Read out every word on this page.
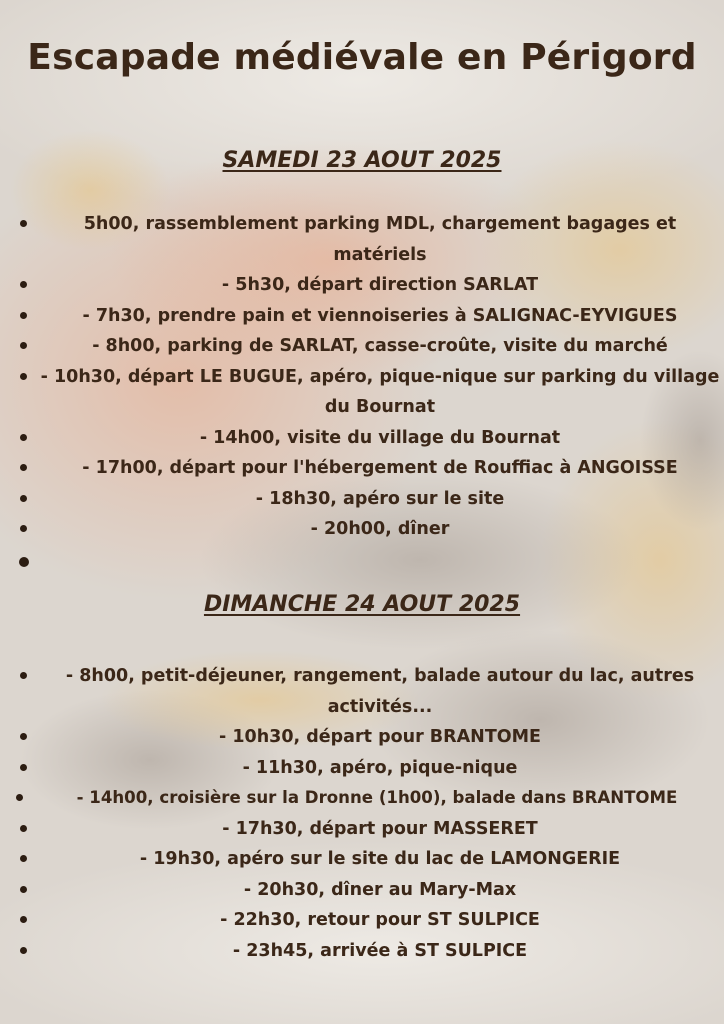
Escapade médiévale en Périgord
SAMEDI 23 AOUT 2025
5h00, rassemblement parking MDL, chargement bagages et matériels
- 5h30, départ direction SARLAT
- 7h30, prendre pain et viennoiseries à SALIGNAC-EYVIGUES
- 8h00, parking de SARLAT, casse-croûte, visite du marché
- 10h30, départ LE BUGUE, apéro, pique-nique sur parking du village du Bournat
- 14h00, visite du village du Bournat
- 17h00, départ pour l'hébergement de Rouffiac à ANGOISSE
- 18h30, apéro sur le site
- 20h00, dîner

DIMANCHE 24 AOUT 2025
- 8h00, petit-déjeuner, rangement, balade autour du lac, autres activités...
- 10h30, départ pour BRANTOME
- 11h30, apéro, pique-nique
- 14h00, croisière sur la Dronne (1h00), balade dans BRANTOME
- 17h30, départ pour MASSERET
- 19h30, apéro sur le site du lac de LAMONGERIE
- 20h30, dîner au Mary-Max
- 22h30, retour pour ST SULPICE
- 23h45, arrivée à ST SULPICE
